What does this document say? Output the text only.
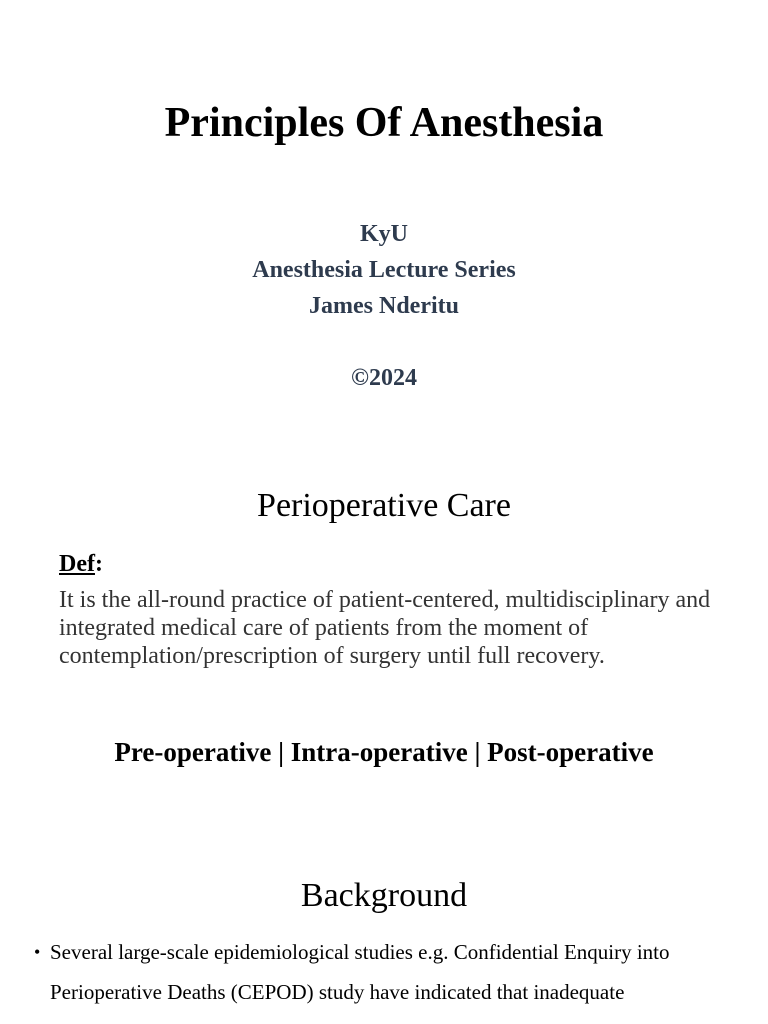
Principles Of Anesthesia
KyU
Anesthesia Lecture Series
James Nderitu
©2024
Perioperative Care
Def:

It is the all-round practice of patient-centered, multidisciplinary and integrated medical care of patients from the moment of contemplation/prescription of surgery until full recovery.

Pre-operative | Intra-operative | Post-operative
Background
• Several large-scale epidemiological studies e.g. Confidential Enquiry into Perioperative Deaths (CEPOD) study have indicated that inadequate
